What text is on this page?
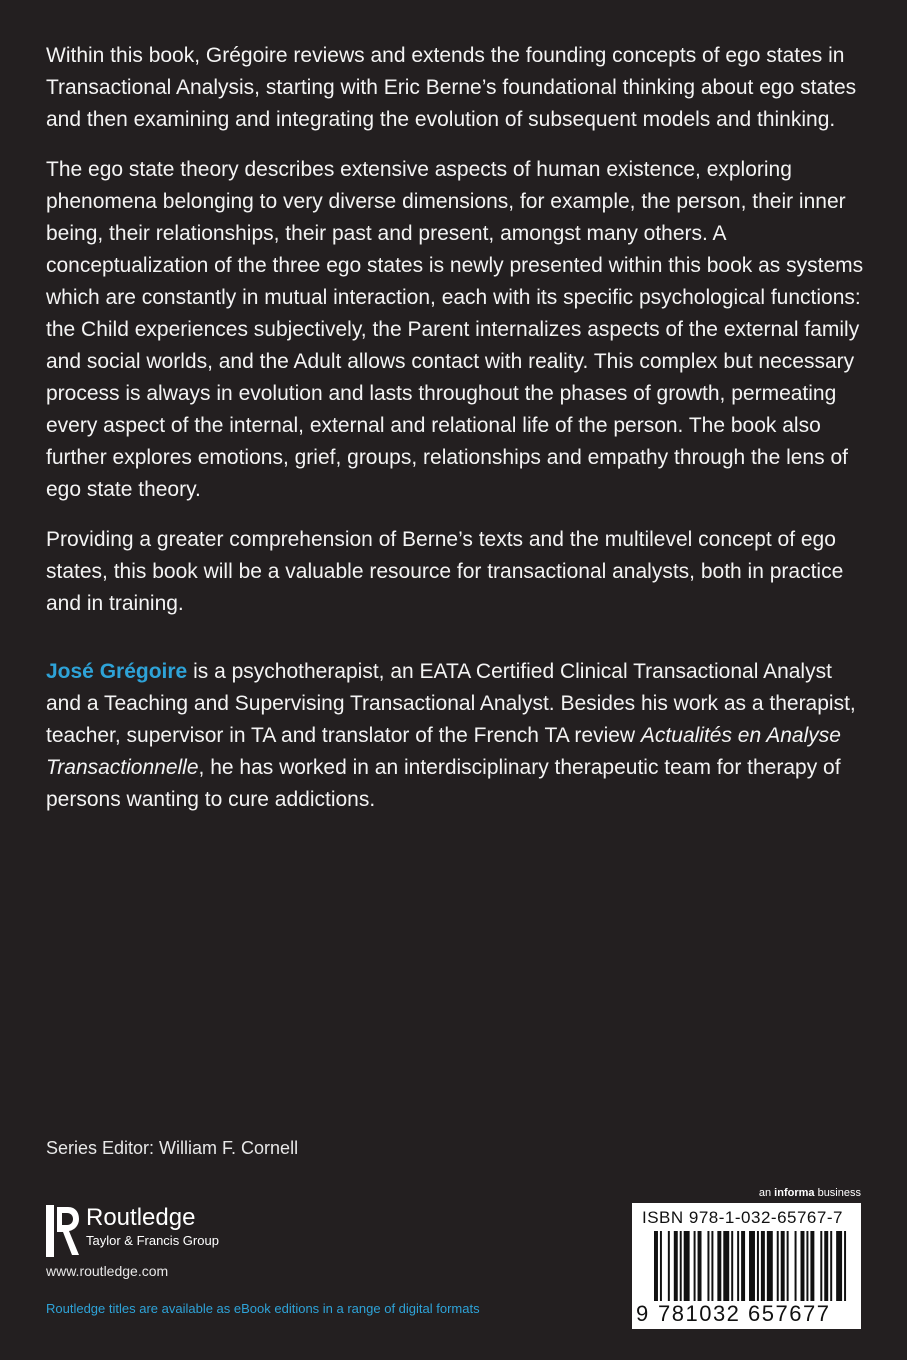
Within this book, Grégoire reviews and extends the founding concepts of ego states in Transactional Analysis, starting with Eric Berne’s foundational thinking about ego states and then examining and integrating the evolution of subsequent models and thinking.

The ego state theory describes extensive aspects of human existence, exploring phenomena belonging to very diverse dimensions, for example, the person, their inner being, their relationships, their past and present, amongst many others. A conceptualization of the three ego states is newly presented within this book as systems which are constantly in mutual interaction, each with its specific psychological functions: the Child experiences subjectively, the Parent internalizes aspects of the external family and social worlds, and the Adult allows contact with reality. This complex but necessary process is always in evolution and lasts throughout the phases of growth, permeating every aspect of the internal, external and relational life of the person. The book also further explores emotions, grief, groups, relationships and empathy through the lens of ego state theory.

Providing a greater comprehension of Berne’s texts and the multilevel concept of ego states, this book will be a valuable resource for transactional analysts, both in practice and in training.

José Grégoire is a psychotherapist, an EATA Certified Clinical Transactional Analyst and a Teaching and Supervising Transactional Analyst. Besides his work as a therapist, teacher, supervisor in TA and translator of the French TA review Actualités en Analyse Transactionnelle, he has worked in an interdisciplinary therapeutic team for therapy of persons wanting to cure addictions.

Series Editor: William F. Cornell
Routledge
Taylor & Francis Group
www.routledge.com
Routledge titles are available as eBook editions in a range of digital formats
an informa business
ISBN 978-1-032-65767-7
9 781032 657677
